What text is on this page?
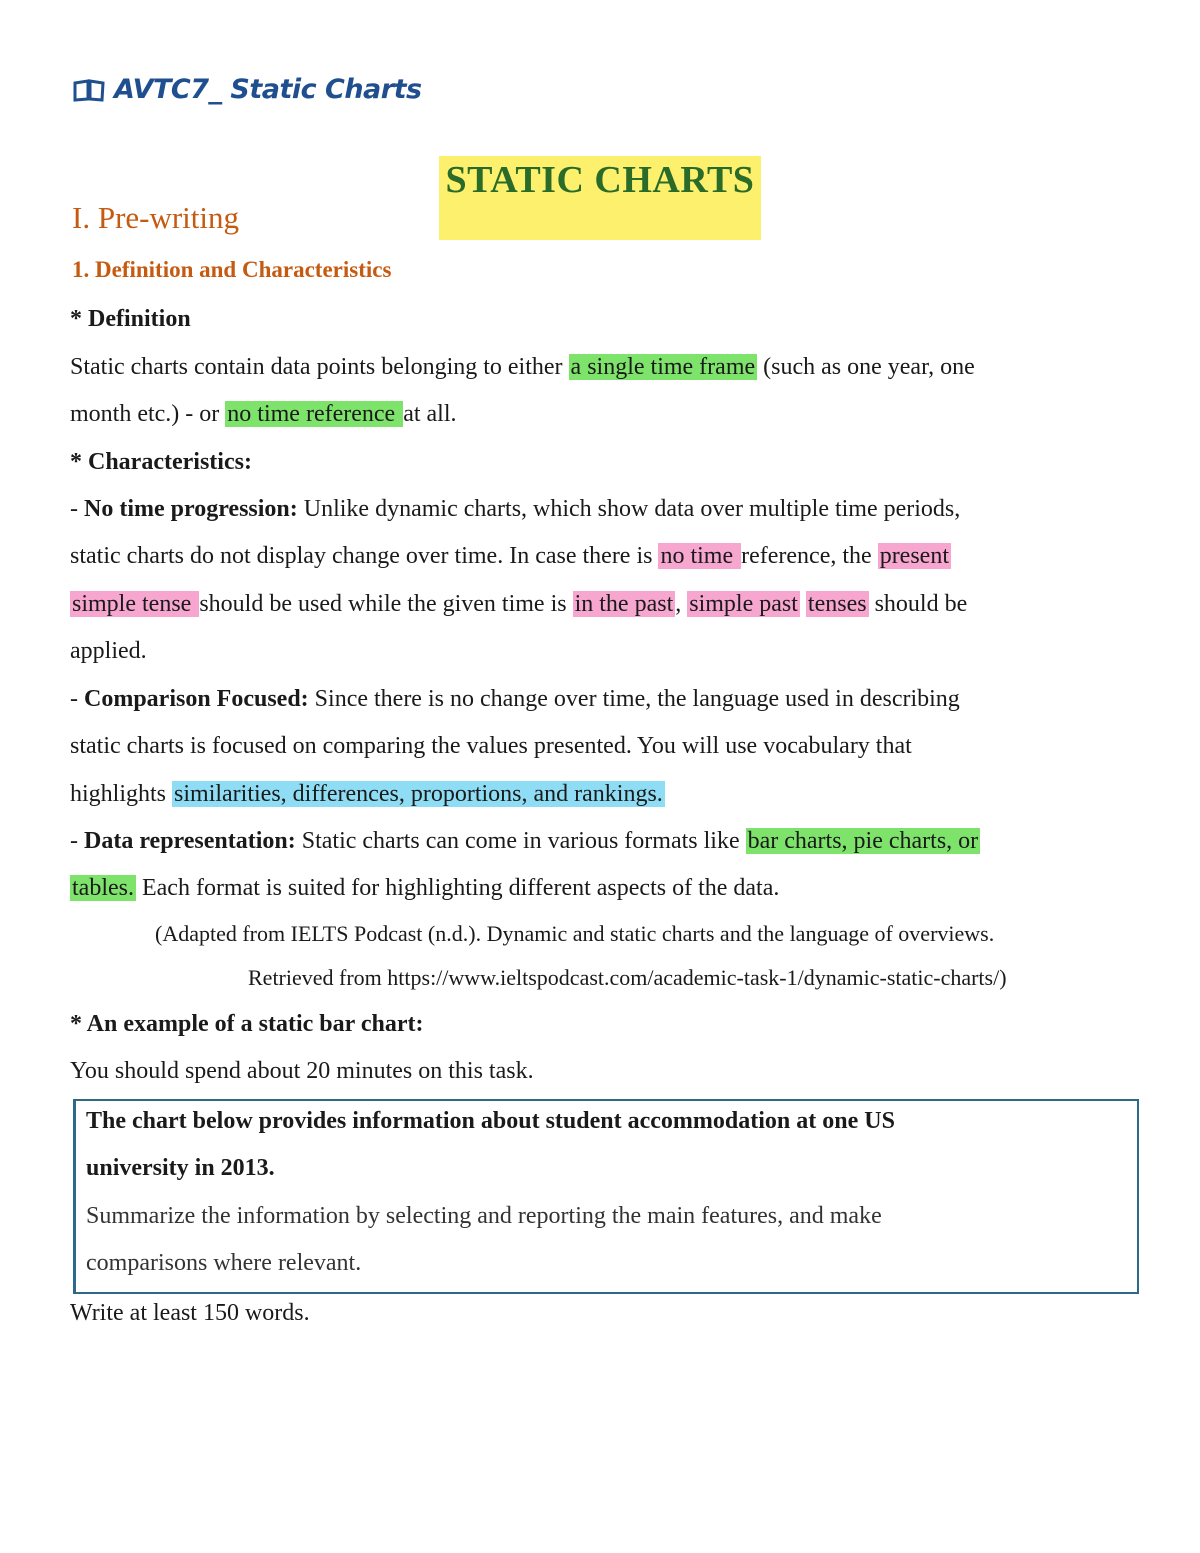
AVTC7_ Static Charts
STATIC CHARTS
I. Pre-writing
1. Definition and Characteristics
* Definition
Static charts contain data points belonging to either a single time frame (such as one year, one
month etc.) - or no time reference at all.
* Characteristics:
- No time progression: Unlike dynamic charts, which show data over multiple time periods,
static charts do not display change over time. In case there is no time reference, the present
simple tense should be used while the given time is in the past, simple past tenses should be
applied.
- Comparison Focused: Since there is no change over time, the language used in describing
static charts is focused on comparing the values presented. You will use vocabulary that
highlights similarities, differences, proportions, and rankings.
- Data representation: Static charts can come in various formats like bar charts, pie charts, or
tables. Each format is suited for highlighting different aspects of the data.
(Adapted from IELTS Podcast (n.d.). Dynamic and static charts and the language of overviews.
Retrieved from https://www.ieltspodcast.com/academic-task-1/dynamic-static-charts/)
* An example of a static bar chart:
You should spend about 20 minutes on this task.
The chart below provides information about student accommodation at one US
university in 2013.
Summarize the information by selecting and reporting the main features, and make
comparisons where relevant.
Write at least 150 words.
